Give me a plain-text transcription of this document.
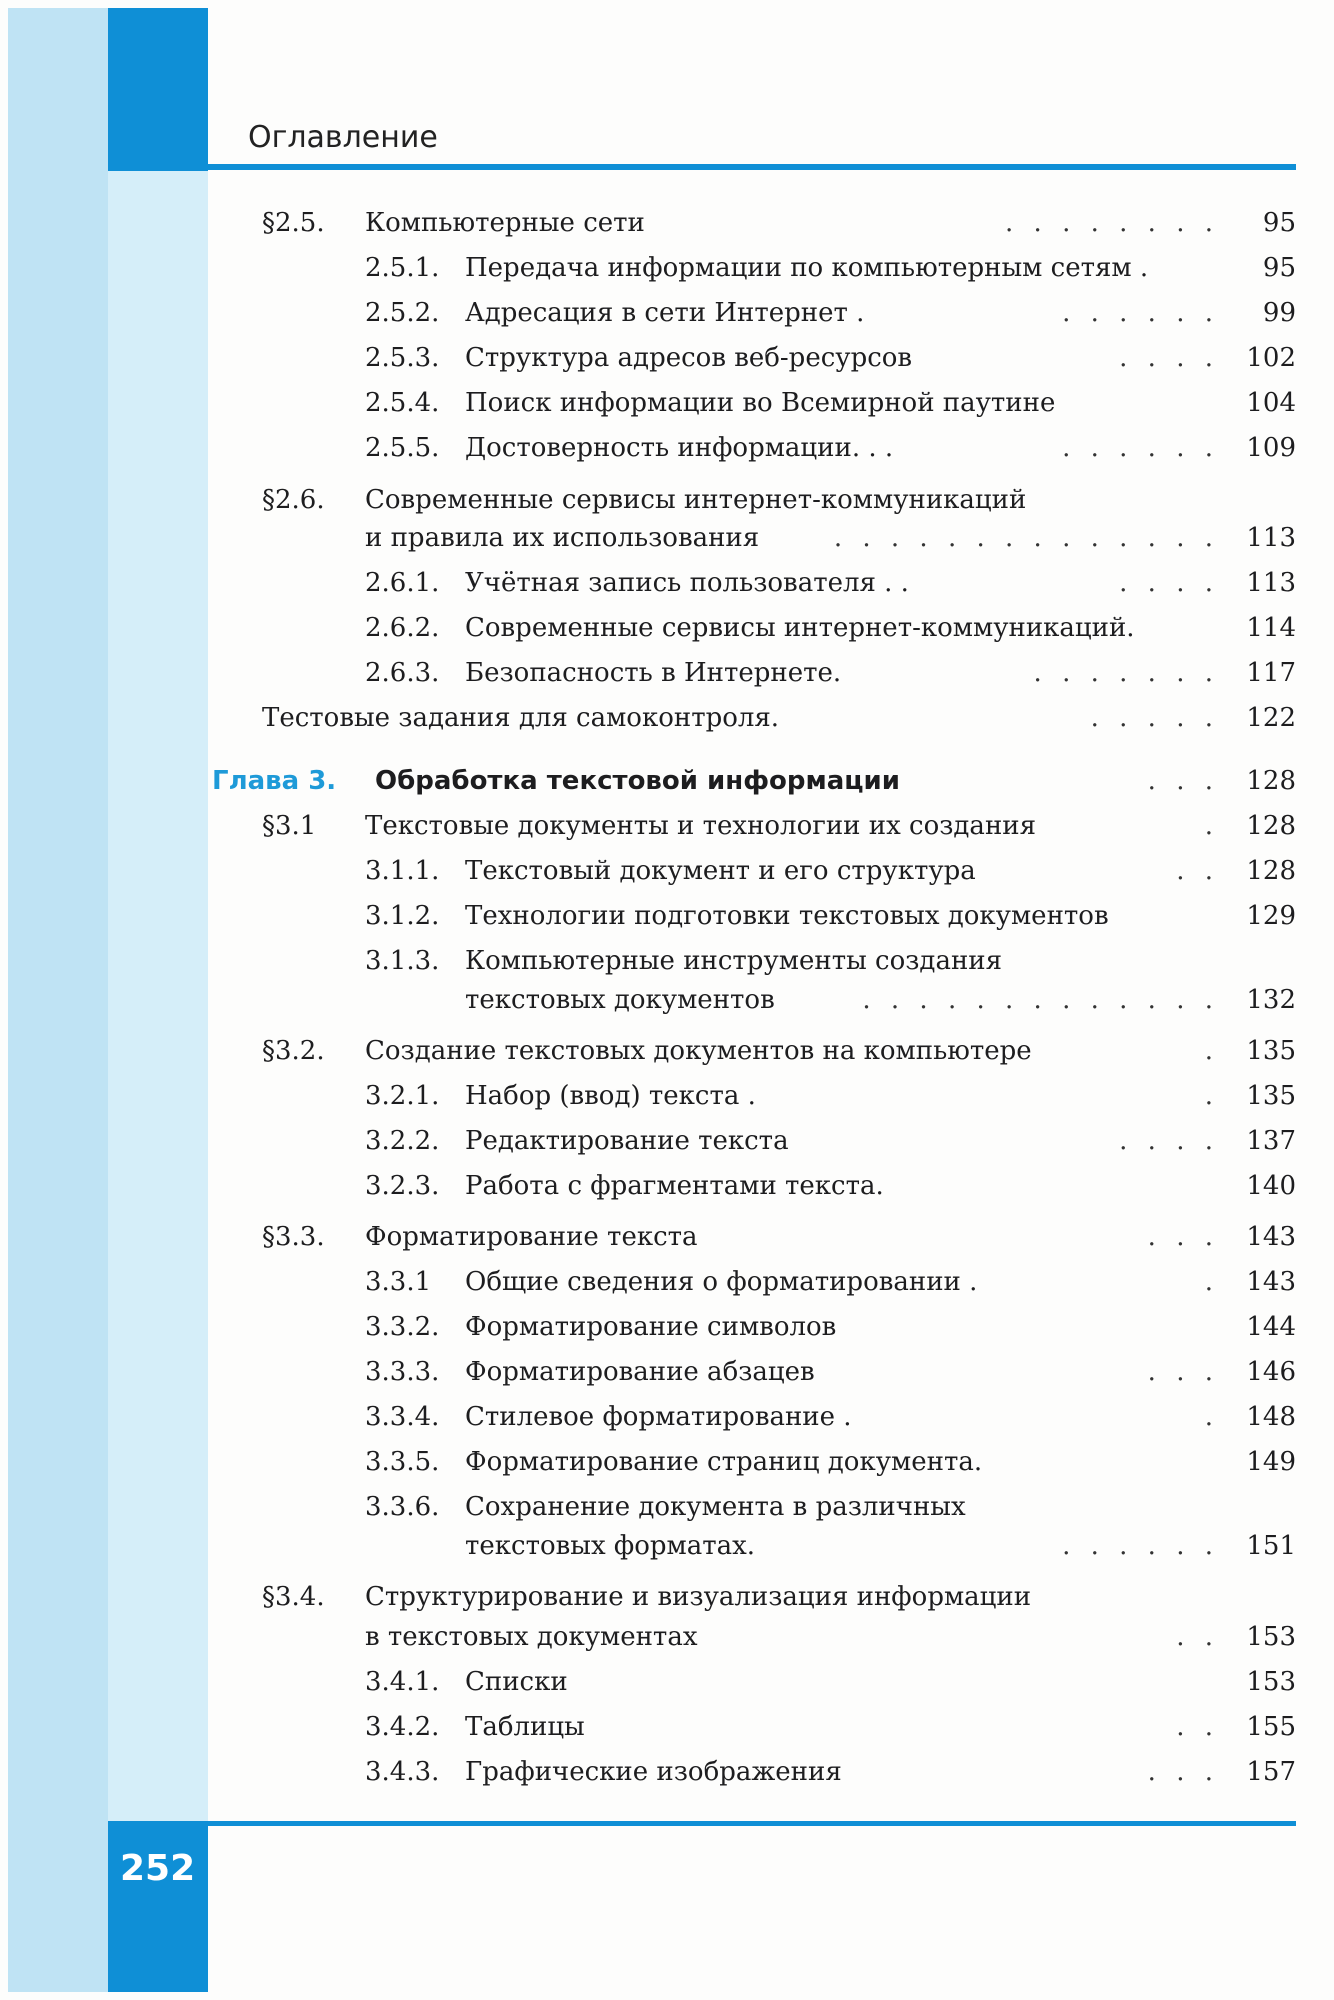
Оглавление
252
§2.5. Компьютерные сети	. . . . . . . . 95
2.5.1. Передача информации по компьютерным сетям .	95
2.5.2. Адресация в сети Интернет .	. . . . . . 99
2.5.3. Структура адресов веб-ресурсов	. . . . 102
2.5.4. Поиск информации во Всемирной паутине	104
2.5.5. Достоверность информации. . .	. . . . . . 109
§2.6. Современные сервисы интернет-коммуникаций
и правила их использования	. . . . . . . . . . . . . . 113
2.6.1. Учётная запись пользователя . .	. . . . 113
2.6.2. Современные сервисы интернет-коммуникаций.	114
2.6.3. Безопасность в Интернете.	. . . . . . . 117
Тестовые задания для самоконтроля.	. . . . . 122
Глава 3. Обработка текстовой информации	. . . 128
§3.1 Текстовые документы и технологии их создания	. 128
3.1.1. Текстовый документ и его структура	. . 128
3.1.2. Технологии подготовки текстовых документов	129
3.1.3. Компьютерные инструменты создания
текстовых документов	. . . . . . . . . . . . . 132
§3.2. Создание текстовых документов на компьютере	. 135
3.2.1. Набор (ввод) текста .	. 135
3.2.2. Редактирование текста	. . . . 137
3.2.3. Работа с фрагментами текста.	140
§3.3. Форматирование текста	. . . 143
3.3.1 Общие сведения о форматировании .	. 143
3.3.2. Форматирование символов	144
3.3.3. Форматирование абзацев	. . . 146
3.3.4. Стилевое форматирование .	. 148
3.3.5. Форматирование страниц документа.	149
3.3.6. Сохранение документа в различных
текстовых форматах.	. . . . . . 151
§3.4. Структурирование и визуализация информации
в текстовых документах	. . 153
3.4.1. Списки	153
3.4.2. Таблицы	. . 155
3.4.3. Графические изображения	. . . 157
